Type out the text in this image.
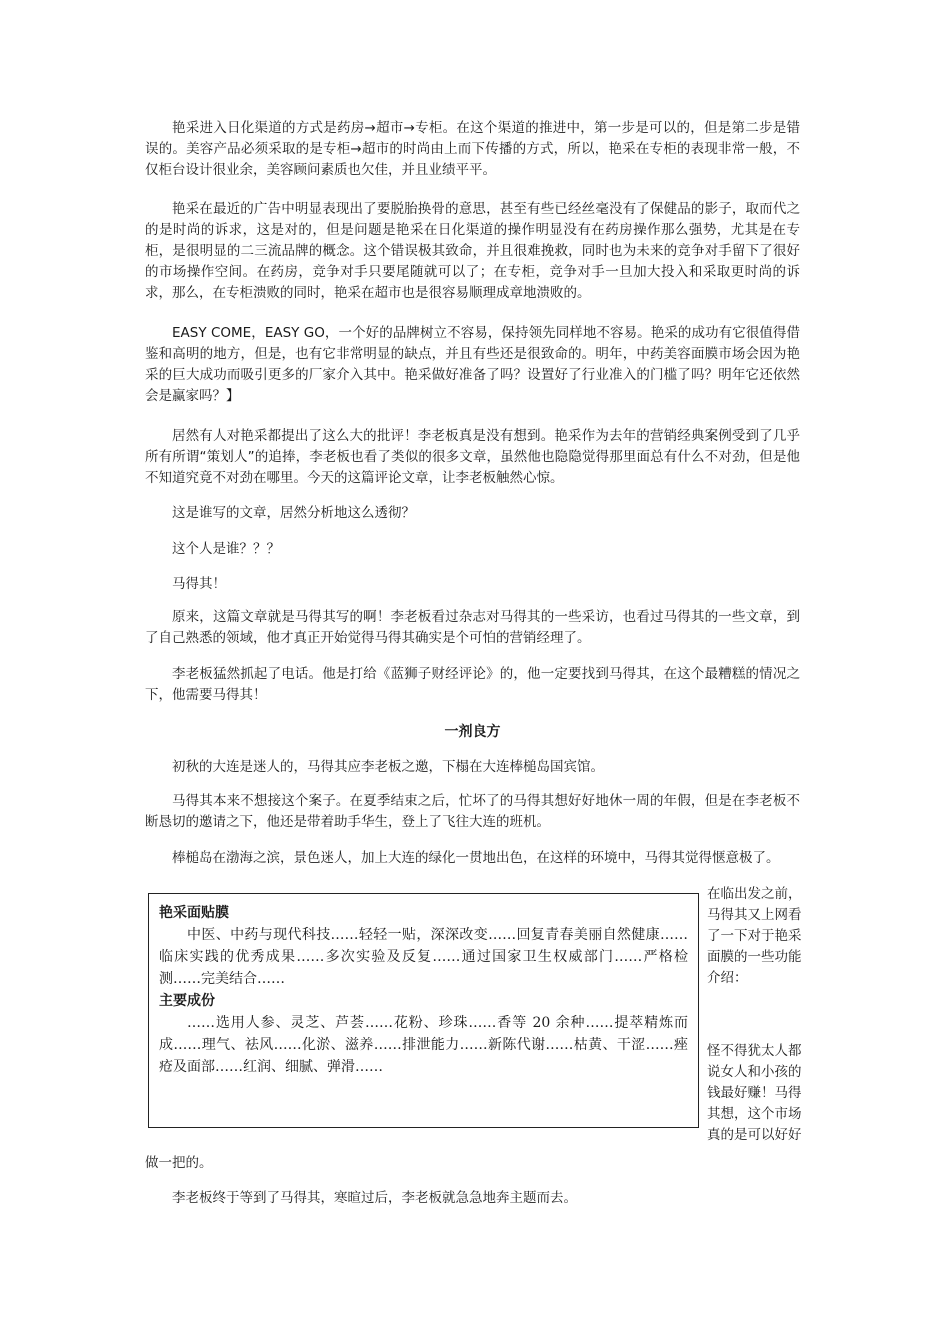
艳采进入日化渠道的方式是药房→超市→专柜。在这个渠道的推进中，第一步是可以的，但是第二步是错误的。美容产品必须采取的是专柜→超市的时尚由上而下传播的方式，所以，艳采在专柜的表现非常一般，不仅柜台设计很业余，美容顾问素质也欠佳，并且业绩平平。

艳采在最近的广告中明显表现出了要脱胎换骨的意思，甚至有些已经丝毫没有了保健品的影子，取而代之的是时尚的诉求，这是对的，但是问题是艳采在日化渠道的操作明显没有在药房操作那么强势，尤其是在专柜，是很明显的二三流品牌的概念。这个错误极其致命，并且很难挽救，同时也为未来的竞争对手留下了很好的市场操作空间。在药房，竞争对手只要尾随就可以了；在专柜，竞争对手一旦加大投入和采取更时尚的诉求，那么，在专柜溃败的同时，艳采在超市也是很容易顺理成章地溃败的。

EASY COME，EASY GO，一个好的品牌树立不容易，保持领先同样地不容易。艳采的成功有它很值得借鉴和高明的地方，但是，也有它非常明显的缺点，并且有些还是很致命的。明年，中药美容面膜市场会因为艳采的巨大成功而吸引更多的厂家介入其中。艳采做好准备了吗？设置好了行业准入的门槛了吗？明年它还依然会是赢家吗？】

居然有人对艳采都提出了这么大的批评！李老板真是没有想到。艳采作为去年的营销经典案例受到了几乎所有所谓“策划人”的追捧，李老板也看了类似的很多文章，虽然他也隐隐觉得那里面总有什么不对劲，但是他不知道究竟不对劲在哪里。今天的这篇评论文章，让李老板触然心惊。

这是谁写的文章，居然分析地这么透彻？

这个人是谁？？？

马得其！

原来，这篇文章就是马得其写的啊！李老板看过杂志对马得其的一些采访，也看过马得其的一些文章，到了自己熟悉的领域，他才真正开始觉得马得其确实是个可怕的营销经理了。

李老板猛然抓起了电话。他是打给《蓝狮子财经评论》的，他一定要找到马得其，在这个最糟糕的情况之下，他需要马得其！

一剂良方

初秋的大连是迷人的，马得其应李老板之邀，下榻在大连棒槌岛国宾馆。

马得其本来不想接这个案子。在夏季结束之后，忙坏了的马得其想好好地休一周的年假，但是在李老板不断恳切的邀请之下，他还是带着助手华生，登上了飞往大连的班机。

棒槌岛在渤海之滨，景色迷人，加上大连的绿化一贯地出色，在这样的环境中，马得其觉得惬意极了。

艳采面贴膜
中医、中药与现代科技……轻轻一贴，深深改变……回复青春美丽自然健康……临床实践的优秀成果……多次实验及反复……通过国家卫生权威部门……严格检测……完美结合……
主要成份
……选用人参、灵芝、芦荟……花粉、珍珠……香等 20 余种……提萃精炼而成……理气、祛风……化淤、滋养……排泄能力……新陈代谢……枯黄、干涩……痤疮及面部……红润、细腻、弹滑……

在临出发之前，马得其又上网看了一下对于艳采面膜的一些功能介绍：

怪不得犹太人都说女人和小孩的钱最好赚！马得其想，这个市场真的是可以好好

做一把的。

李老板终于等到了马得其，寒暄过后，李老板就急急地奔主题而去。
